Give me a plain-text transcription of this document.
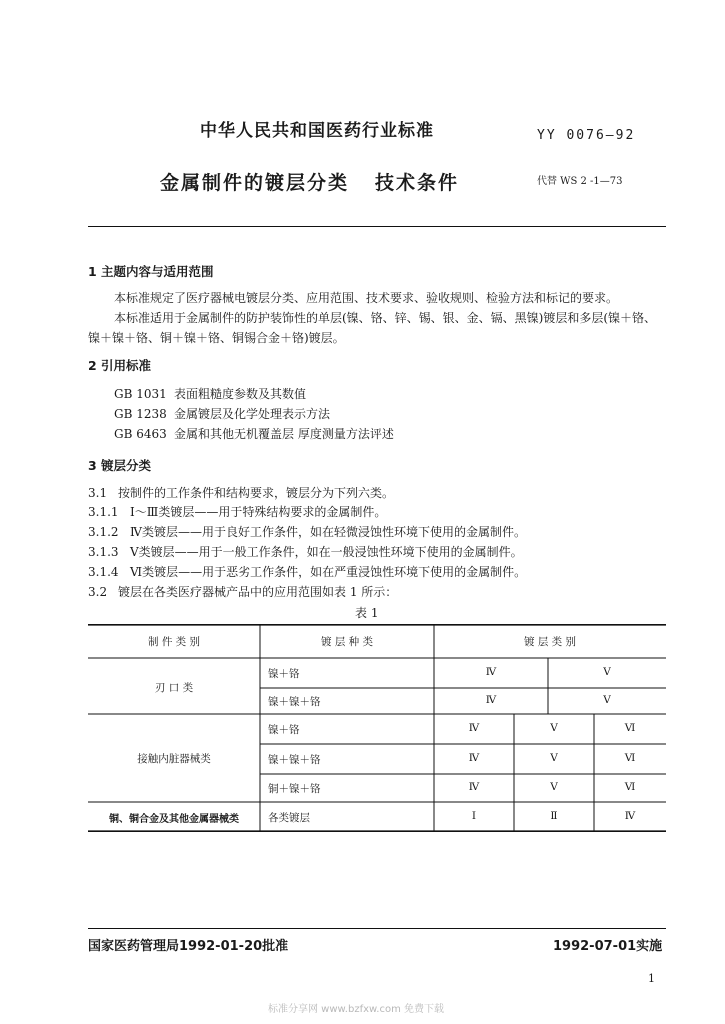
中华人民共和国医药行业标准	YY 0076—92
金属制件的镀层分类 技术条件	代替 WS 2 -1—73
1 主题内容与适用范围
本标准规定了医疗器械电镀层分类、应用范围、技术要求、验收规则、检验方法和标记的要求。
本标准适用于金属制件的防护装饰性的单层(镍、铬、锌、锡、银、金、镉、黑镍)镀层和多层(镍＋铬、
镍＋镍＋铬、铜＋镍＋铬、铜锡合金＋铬)镀层。
2 引用标准
GB 1031 表面粗糙度参数及其数值
GB 1238 金属镀层及化学处理表示方法
GB 6463 金属和其他无机覆盖层 厚度测量方法评述
3 镀层分类
3.1 按制件的工作条件和结构要求，镀层分为下列六类。
3.1.1 Ⅰ～Ⅲ类镀层——用于特殊结构要求的金属制件。
3.1.2 Ⅳ类镀层——用于良好工作条件，如在轻微浸蚀性环境下使用的金属制件。
3.1.3 Ⅴ类镀层——用于一般工作条件，如在一般浸蚀性环境下使用的金属制件。
3.1.4 Ⅵ类镀层——用于恶劣工作条件，如在严重浸蚀性环境下使用的金属制件。
3.2 镀层在各类医疗器械产品中的应用范围如表 1 所示：
表 1
制 件 类 别	镀 层 种 类	镀 层 类 别
刃 口 类
镍＋铬	Ⅳ	Ⅴ
镍＋镍＋铬	Ⅳ	Ⅴ
接触内脏器械类
镍＋铬	Ⅳ	Ⅴ	Ⅵ
镍＋镍＋铬	Ⅳ	Ⅴ	Ⅵ
铜＋镍＋铬	Ⅳ	Ⅴ	Ⅵ
铜、铜合金及其他金属器械类	各类镀层	Ⅰ	Ⅱ	Ⅳ
国家医药管理局1992-01-20批准	1992-07-01实施
1
标准分享网 www.bzfxw.com 免费下载
